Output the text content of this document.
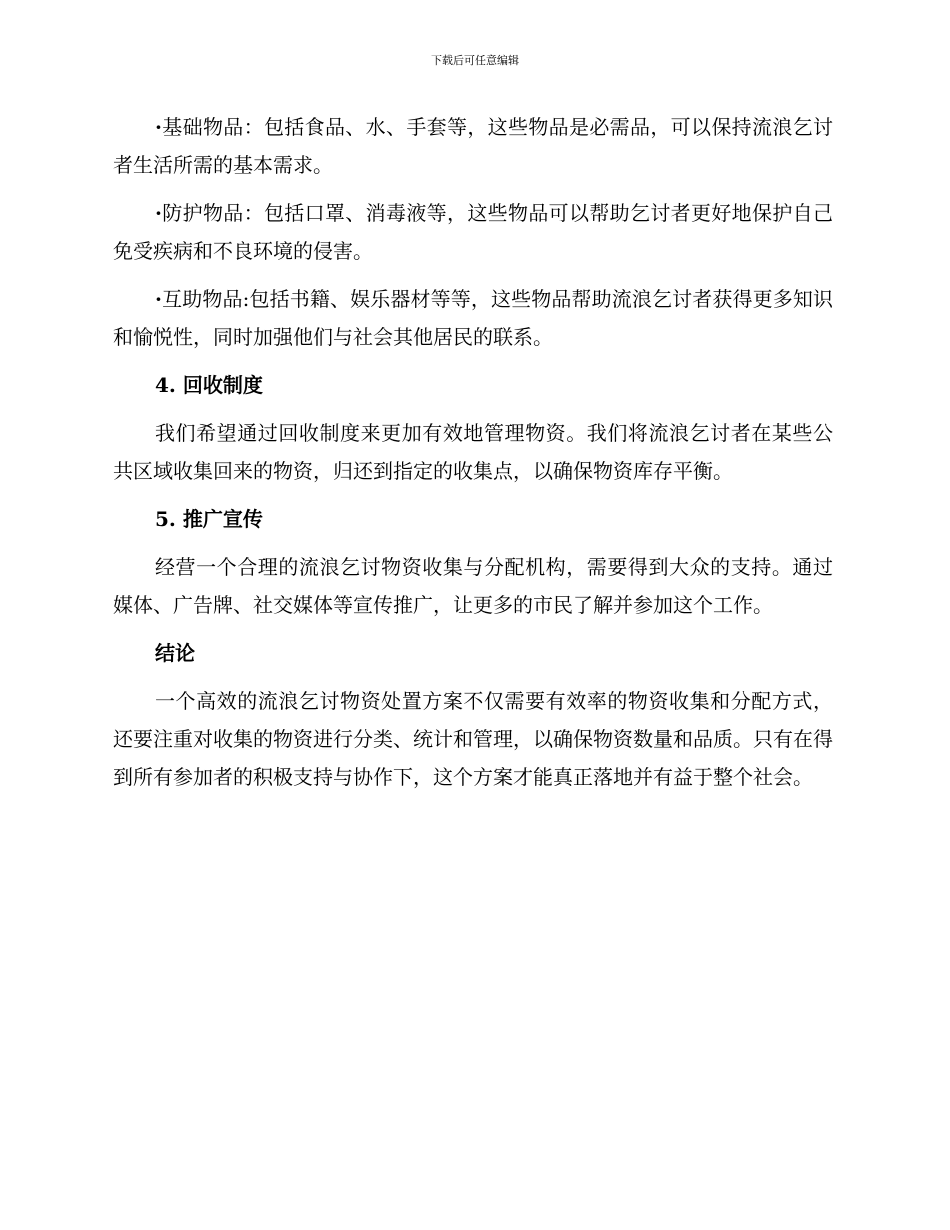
下载后可任意编辑

·基础物品：包括食品、水、手套等，这些物品是必需品，可以保持流浪乞讨者生活所需的基本需求。

·防护物品：包括口罩、消毒液等，这些物品可以帮助乞讨者更好地保护自己免受疾病和不良环境的侵害。

·互助物品:包括书籍、娱乐器材等等，这些物品帮助流浪乞讨者获得更多知识和愉悦性，同时加强他们与社会其他居民的联系。

4. 回收制度

我们希望通过回收制度来更加有效地管理物资。我们将流浪乞讨者在某些公共区域收集回来的物资，归还到指定的收集点，以确保物资库存平衡。

5. 推广宣传

经营一个合理的流浪乞讨物资收集与分配机构，需要得到大众的支持。通过媒体、广告牌、社交媒体等宣传推广，让更多的市民了解并参加这个工作。

结论

一个高效的流浪乞讨物资处置方案不仅需要有效率的物资收集和分配方式，还要注重对收集的物资进行分类、统计和管理，以确保物资数量和品质。只有在得到所有参加者的积极支持与协作下，这个方案才能真正落地并有益于整个社会。
